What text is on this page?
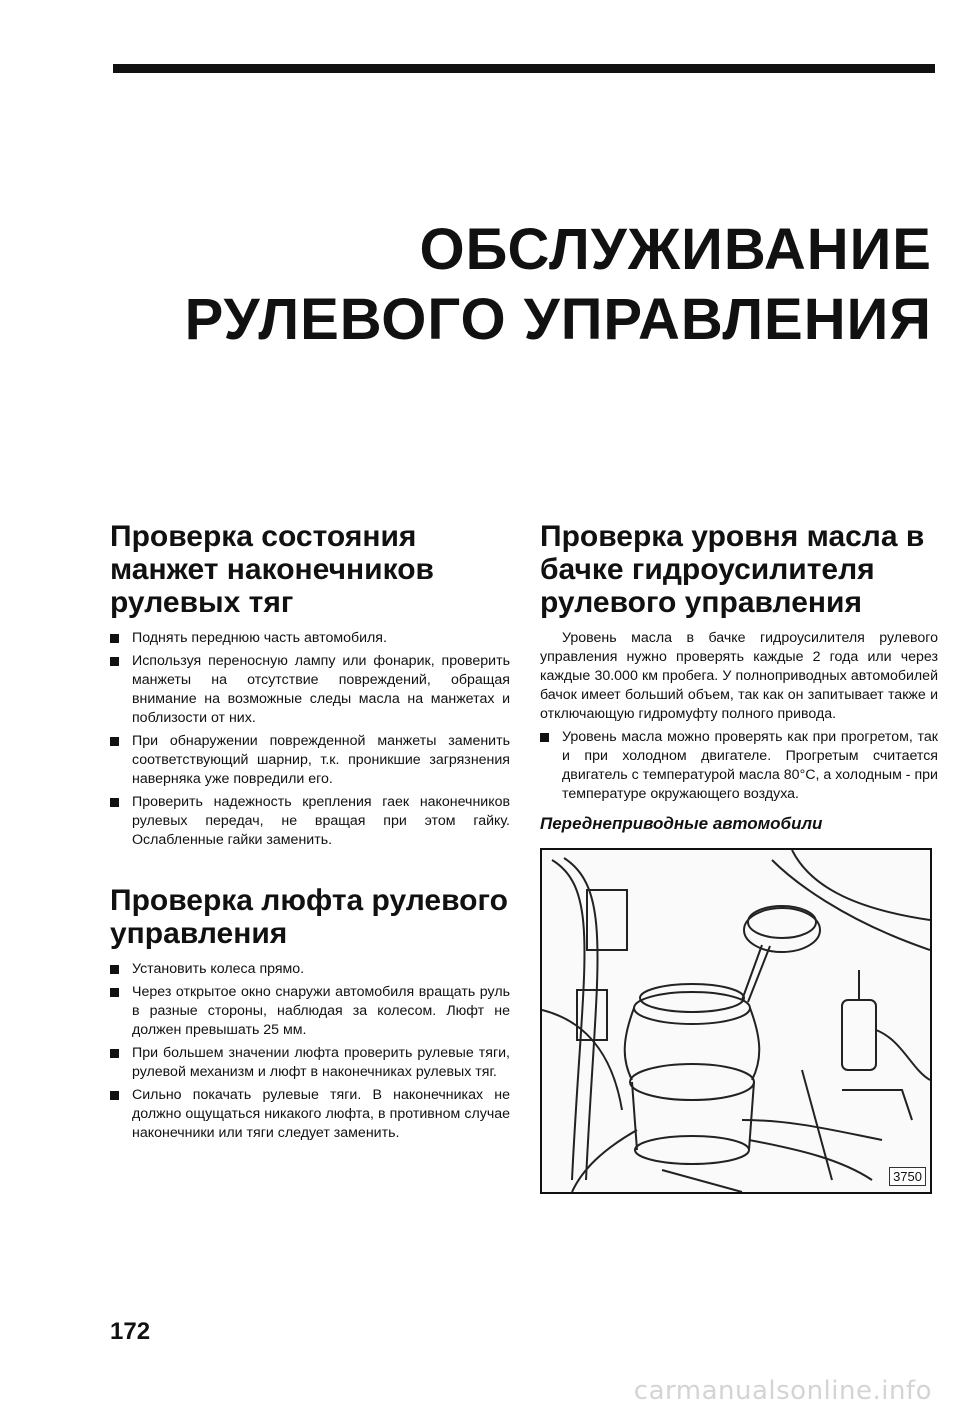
ОБСЛУЖИВАНИЕ
РУЛЕВОГО УПРАВЛЕНИЯ
Проверка состояния манжет наконечников рулевых тяг
Поднять переднюю часть автомобиля.
Используя переносную лампу или фонарик, проверить манжеты на отсутствие повреждений, обращая внимание на возможные следы масла на манжетах и поблизости от них.
При обнаружении поврежденной манжеты заменить соответствующий шарнир, т.к. проникшие загрязнения наверняка уже повредили его.
Проверить надежность крепления гаек наконечников рулевых передач, не вращая при этом гайку. Ослабленные гайки заменить.
Проверка люфта рулевого управления
Установить колеса прямо.
Через открытое окно снаружи автомобиля вращать руль в разные стороны, наблюдая за колесом. Люфт не должен превышать 25 мм.
При большем значении люфта проверить рулевые тяги, рулевой механизм и люфт в наконечниках рулевых тяг.
Сильно покачать рулевые тяги. В наконечниках не должно ощущаться никакого люфта, в противном случае наконечники или тяги следует заменить.
Проверка уровня масла в бачке гидроусилителя рулевого управления

Уровень масла в бачке гидроусилителя рулевого управления нужно проверять каждые 2 года или через каждые 30.000 км пробега. У полноприводных автомобилей бачок имеет больший объем, так как он запитывает также и отключающую гидромуфту полного привода.

Уровень масла можно проверять как при прогретом, так и при холодном двигателе. Прогретым считается двигатель с температурой масла 80°С, а холодным - при температуре окружающего воздуха.
Переднеприводные автомобили
3750
172
carmanualsonline.info
